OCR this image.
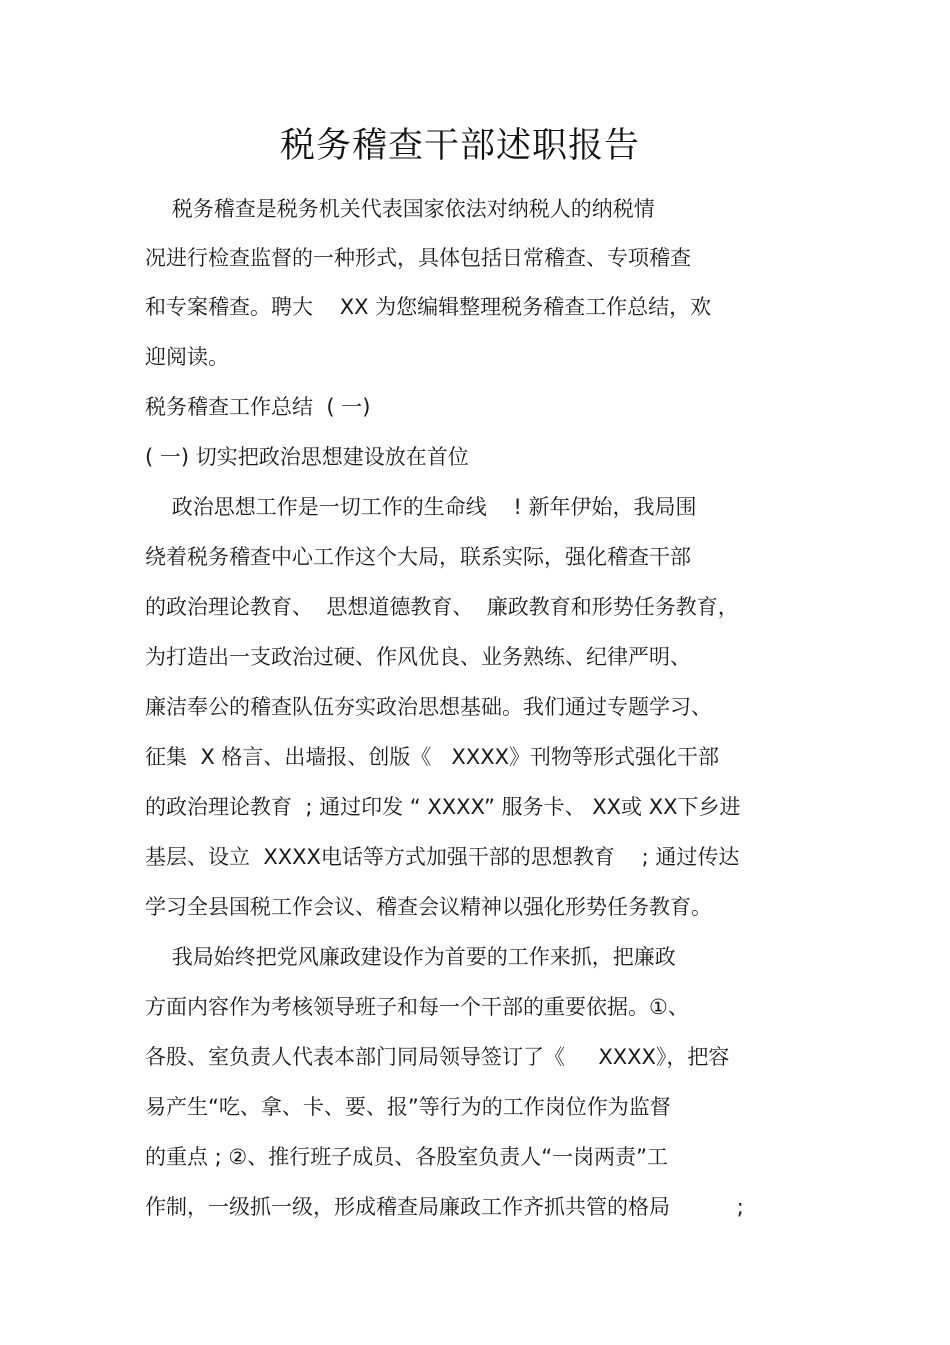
税务稽查干部述职报告
税务稽查是税务机关代表国家依法对纳税人的纳税情
况进行检查监督的一种形式，具体包括日常稽查、专项稽查
和专案稽查。聘大    XX 为您编辑整理税务稽查工作总结，欢
迎阅读。
税务稽查工作总结  ( 一)
( 一) 切实把政治思想建设放在首位
政治思想工作是一切工作的生命线    ! 新年伊始，我局围
绕着税务稽查中心工作这个大局，联系实际，强化稽查干部
的政治理论教育、  思想道德教育、  廉政教育和形势任务教育，
为打造出一支政治过硬、作风优良、业务熟练、纪律严明、
廉洁奉公的稽查队伍夯实政治思想基础。我们通过专题学习、
征集  X 格言、出墙报、创版《   XXXX》刊物等形式强化干部
的政治理论教育  ; 通过印发 “ XXXX” 服务卡、 XX或 XX下乡进
基层、设立  XXXX电话等方式加强干部的思想教育    ; 通过传达
学习全县国税工作会议、稽查会议精神以强化形势任务教育。
我局始终把党风廉政建设作为首要的工作来抓，把廉政
方面内容作为考核领导班子和每一个干部的重要依据。①、
各股、室负责人代表本部门同局领导签订了《     XXXX》，把容
易产生“吃、拿、卡、要、报”等行为的工作岗位作为监督
的重点 ; ②、推行班子成员、各股室负责人“一岗两责”工
作制，一级抓一级，形成稽查局廉政工作齐抓共管的格局          ;
